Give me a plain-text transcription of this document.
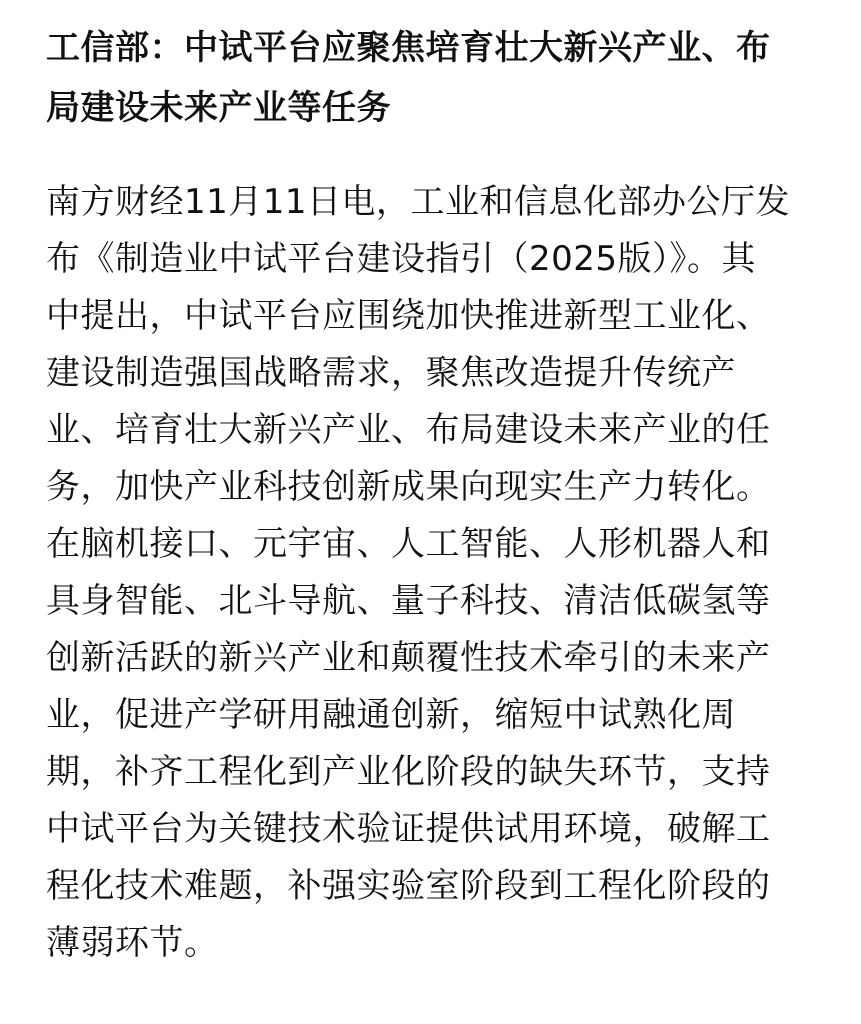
工信部：中试平台应聚焦培育壮大新兴产业、布
局建设未来产业等任务
南方财经11月11日电，工业和信息化部办公厅发
布《制造业中试平台建设指引（2025版）》。其
中提出，中试平台应围绕加快推进新型工业化、
建设制造强国战略需求，聚焦改造提升传统产
业、培育壮大新兴产业、布局建设未来产业的任
务，加快产业科技创新成果向现实生产力转化。
在脑机接口、元宇宙、人工智能、人形机器人和
具身智能、北斗导航、量子科技、清洁低碳氢等
创新活跃的新兴产业和颠覆性技术牵引的未来产
业，促进产学研用融通创新，缩短中试熟化周
期，补齐工程化到产业化阶段的缺失环节，支持
中试平台为关键技术验证提供试用环境，破解工
程化技术难题，补强实验室阶段到工程化阶段的
薄弱环节。
